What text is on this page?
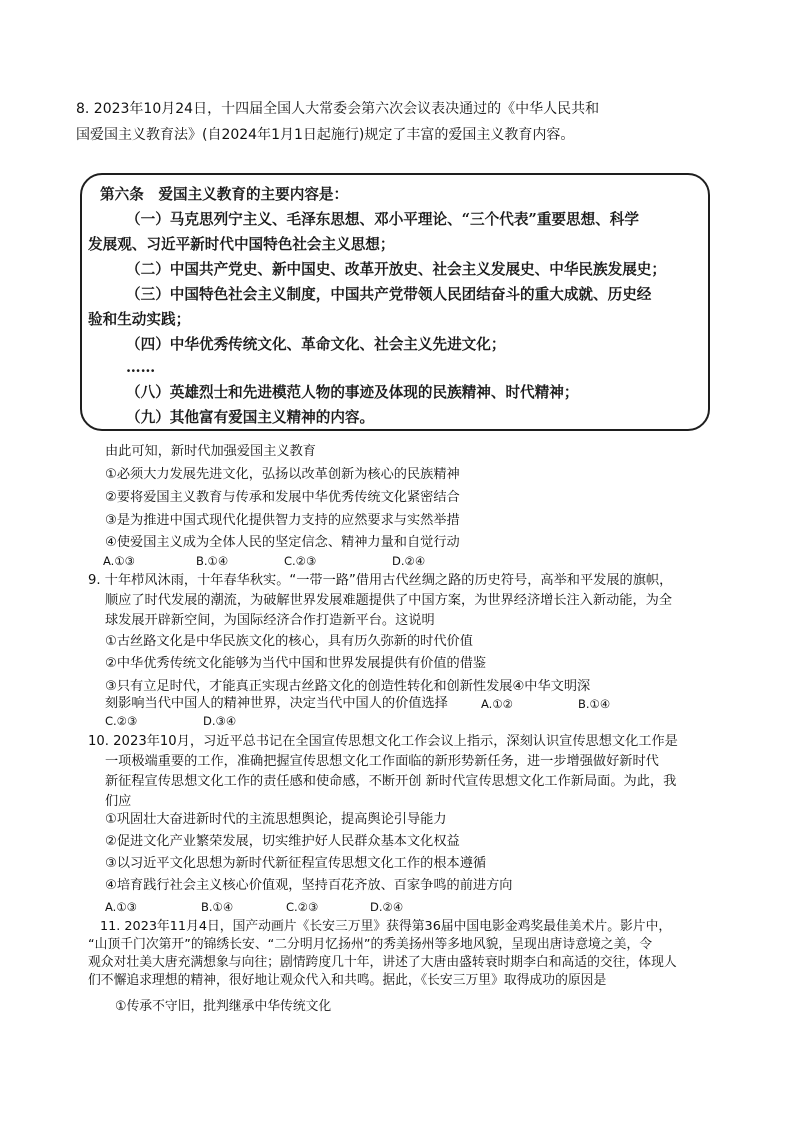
8. 2023年10月24日，十四届全国人大常委会第六次会议表决通过的《中华人民共和
国爱国主义教育法》(自2024年1月1日起施行)规定了丰富的爱国主义教育内容。
第六条　爱国主义教育的主要内容是：
（一）马克思列宁主义、毛泽东思想、邓小平理论、“三个代表”重要思想、科学
发展观、习近平新时代中国特色社会主义思想；
（二）中国共产党史、新中国史、改革开放史、社会主义发展史、中华民族发展史；
（三）中国特色社会主义制度，中国共产党带领人民团结奋斗的重大成就、历史经
验和生动实践；
（四）中华优秀传统文化、革命文化、社会主义先进文化；
……
（八）英雄烈士和先进模范人物的事迹及体现的民族精神、时代精神；
（九）其他富有爱国主义精神的内容。
由此可知，新时代加强爱国主义教育
①必须大力发展先进文化，弘扬以改革创新为核心的民族精神
②要将爱国主义教育与传承和发展中华优秀传统文化紧密结合
③是为推进中国式现代化提供智力支持的应然要求与实然举措
④使爱国主义成为全体人民的坚定信念、精神力量和自觉行动
A.①③	B.①④	C.②③	D.②④
9. 十年栉风沐雨，十年春华秋实。“一带一路”借用古代丝绸之路的历史符号，高举和平发展的旗帜，
顺应了时代发展的潮流，为破解世界发展难题提供了中国方案，为世界经济增长注入新动能，为全
球发展开辟新空间，为国际经济合作打造新平台。这说明
①古丝路文化是中华民族文化的核心，具有历久弥新的时代价值
②中华优秀传统文化能够为当代中国和世界发展提供有价值的借鉴
③只有立足时代，才能真正实现古丝路文化的创造性转化和创新性发展④中华文明深
刻影响当代中国人的精神世界，决定当代中国人的价值选择	A.①②	B.①④
C.②③	D.③④
10. 2023年10月，习近平总书记在全国宣传思想文化工作会议上指示，深刻认识宣传思想文化工作是
一项极端重要的工作，准确把握宣传思想文化工作面临的新形势新任务，进一步增强做好新时代
新征程宣传思想文化工作的责任感和使命感，不断开创 新时代宣传思想文化工作新局面。为此，我
们应
①巩固壮大奋进新时代的主流思想舆论，提高舆论引导能力
②促进文化产业繁荣发展，切实维护好人民群众基本文化权益
③以习近平文化思想为新时代新征程宣传思想文化工作的根本遵循
④培育践行社会主义核心价值观，坚持百花齐放、百家争鸣的前进方向
A.①③	B.①④	C.②③	D.②④
11. 2023年11月4日，国产动画片《长安三万里》获得第36届中国电影金鸡奖最佳美术片。影片中，
“山顶千门次第开”的锦绣长安、“二分明月忆扬州”的秀美扬州等多地风貌，呈现出唐诗意境之美，令
观众对壮美大唐充满想象与向往；剧情跨度几十年，讲述了大唐由盛转衰时期李白和高适的交往，体现人
们不懈追求理想的精神，很好地让观众代入和共鸣。据此，《长安三万里》取得成功的原因是
①传承不守旧，批判继承中华传统文化
